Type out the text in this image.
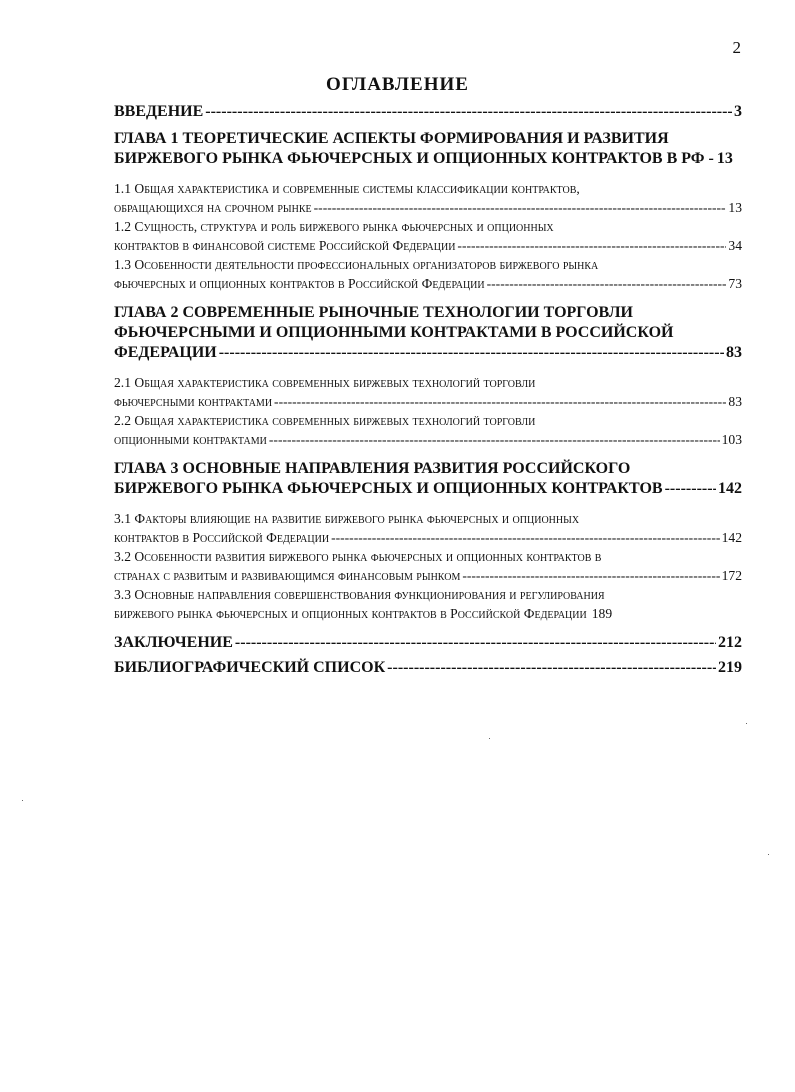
2
ОГЛАВЛЕНИЕ
ВВЕДЕНИЕ -----	3
ГЛАВА 1 ТЕОРЕТИЧЕСКИЕ АСПЕКТЫ ФОРМИРОВАНИЯ И РАЗВИТИЯ
БИРЖЕВОГО РЫНКА ФЬЮЧЕРСНЫХ И ОПЦИОННЫХ КОНТРАКТОВ В РФ - 13
1.1 Общая характеристика и современные системы классификации контрактов,
обращающихся на срочном рынке -----	13
1.2 Сущность, структура и роль биржевого рынка фьючерсных и опционных
контрактов в финансовой системе Российской Федерации -----	34
1.3 Особенности деятельности профессиональных организаторов биржевого рынка
фьючерсных и опционных контрактов в Российской Федерации -----	73
ГЛАВА 2 СОВРЕМЕННЫЕ РЫНОЧНЫЕ ТЕХНОЛОГИИ ТОРГОВЛИ
ФЬЮЧЕРСНЫМИ И ОПЦИОННЫМИ КОНТРАКТАМИ В РОССИЙСКОЙ
ФЕДЕРАЦИИ -----	83
2.1 Общая характеристика современных биржевых технологий торговли
фьючерсными контрактами -----	83
2.2 Общая характеристика современных биржевых технологий торговли
опционными контрактами -----	103
ГЛАВА 3 ОСНОВНЫЕ НАПРАВЛЕНИЯ РАЗВИТИЯ РОССИЙСКОГО
БИРЖЕВОГО РЫНКА ФЬЮЧЕРСНЫХ И ОПЦИОННЫХ КОНТРАКТОВ -----	142
3.1 Факторы влияющие на развитие биржевого рынка фьючерсных и опционных
контрактов в Российской Федерации -----	142
3.2 Особенности развития биржевого рынка фьючерсных и опционных контрактов в
странах с развитым и развивающимся финансовым рынком -----	172
3.3 Основные направления совершенствования функционирования и регулирования
биржевого рынка фьючерсных и опционных контрактов в Российской Федерации 189
ЗАКЛЮЧЕНИЕ -----	212
БИБЛИОГРАФИЧЕСКИЙ СПИСОК -----	219
